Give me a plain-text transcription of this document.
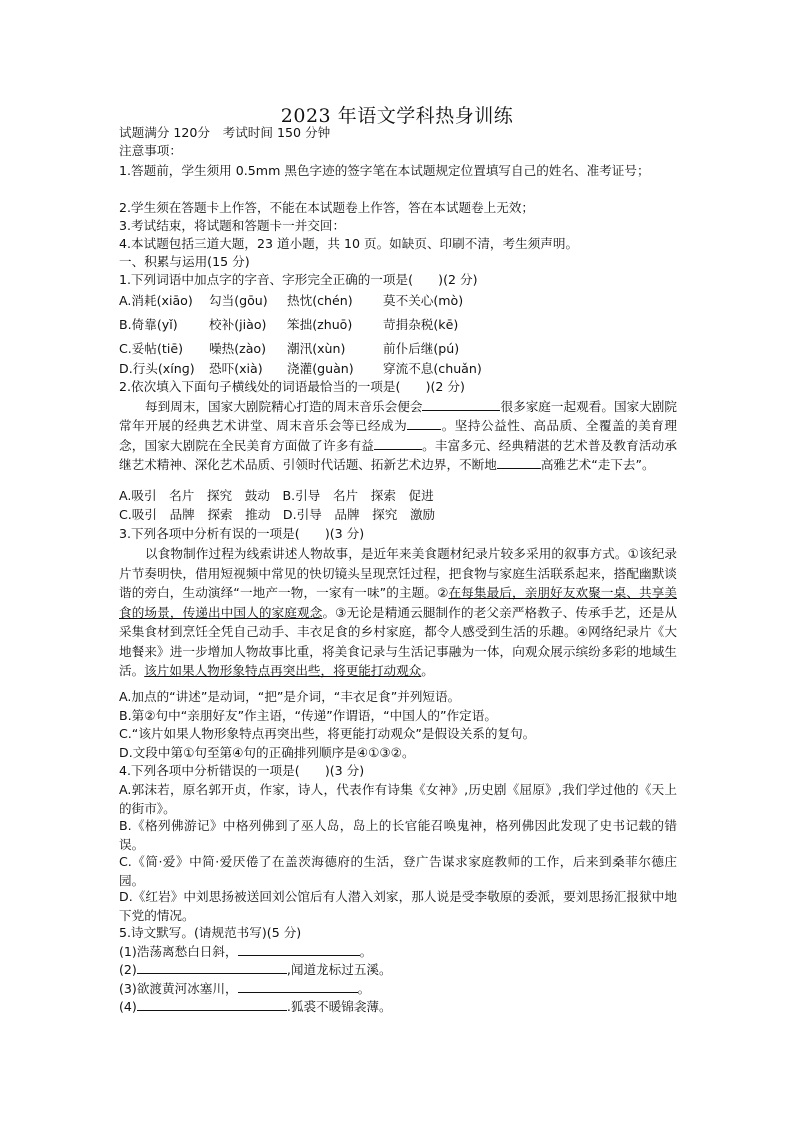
2023 年语文学科热身训练
试题满分 120分　考试时间 150 分钟
注意事项：
1.答题前，学生须用 0.5mm 黑色字迹的签字笔在本试题规定位置填写自己的姓名、准考证号；
2.学生须在答题卡上作答，不能在本试题卷上作答，答在本试题卷上无效；
3.考试结束，将试题和答题卡一并交回：
4.本试题包括三道大题，23 道小题，共 10 页。如缺页、印刷不清，考生须声明。
一、积累与运用(15 分)
1.下列词语中加点字的字音、字形完全正确的一项是(　　)(2 分)
A.消耗(xiāo) 勾当(gōu) 热忱(chén) 莫不关心(mò)
B.倚靠(yǐ) 校补(jiào) 笨拙(zhuō) 苛捐杂税(kē)
C.妥帖(tiē) 噪热(zào) 潮汛(xùn)	前仆后继(pú)
D.行头(xínɡ) 恐吓(xià) 浇灌(guàn) 穿流不息(chuǎn)
2.依次填入下面句子横线处的词语最恰当的一项是(　　)(2 分)
每到周末，国家大剧院精心打造的周末音乐会便会	很多家庭一起观看。国家大剧院常年开展的经典艺术讲堂、周末音乐会等已经成为	。坚持公益性、高品质、全覆盖的美育理念，国家大剧院在全民美育方面做了许多有益	。丰富多元、经典精湛的艺术普及教育活动承继艺术精神、深化艺术品质、引领时代话题、拓新艺术边界，不断地	高雅艺术“走下去”。
A.吸引　名片　探究　鼓动　B.引导　名片　探索　促进
C.吸引　品牌　探索　推动　D.引导　品牌　探究　激励
3.下列各项中分析有误的一项是(　　)(3 分)
以食物制作过程为线索讲述人物故事，是近年来美食题材纪录片较多采用的叙事方式。①该纪录片节奏明快，借用短视频中常见的快切镜头呈现烹饪过程，把食物与家庭生活联系起来，搭配幽默谈谐的旁白，生动演绎“一地产一物，一家有一味”的主题。②在每集最后，亲朋好友欢聚一桌、共享美食的场景，传递出中国人的家庭观念。③无论是精通云腿制作的老父亲严格教子、传承手艺，还是从采集食材到烹饪全凭自己动手、丰衣足食的乡村家庭，都令人感受到生活的乐趣。④网络纪录片《大地餐来》进一步增加人物故事比重，将美食记录与生活记事融为一体，向观众展示缤纷多彩的地域生活。该片如果人物形象特点再突出些，将更能打动观众。
A.加点的“讲述”是动词，“把”是介词，“丰衣足食”并列短语。
B.第②句中“亲朋好友”作主语，“传递”作谓语，“中国人的”作定语。
C.“该片如果人物形象特点再突出些，将更能打动观众”是假设关系的复句。
D.文段中第①句至第④句的正确排列顺序是④①③②。
4.下列各项中分析错误的一项是(　　)(3 分)
A.郭沫若，原名郭开贞，作家，诗人，代表作有诗集《女神》,历史剧《屈原》,我们学过他的《天上的街市》。
B.《格列佛游记》中格列佛到了巫人岛，岛上的长官能召唤鬼神，格列佛因此发现了史书记载的错误。
C.《简·爱》中简·爱厌倦了在盖茨海德府的生活，登广告谋求家庭教师的工作，后来到桑菲尔德庄园。
D.《红岩》中刘思扬被送回刘公馆后有人潜入刘家，那人说是受李敬原的委派，要刘思扬汇报狱中地下党的情况。
5.诗文默写。(请规范书写)(5 分)
(1)浩荡离愁白日斜，	。
(2)	,闻道龙标过五溪。
(3)欲渡黄河冰塞川，	。
(4)	.狐裘不暖锦衾薄。
